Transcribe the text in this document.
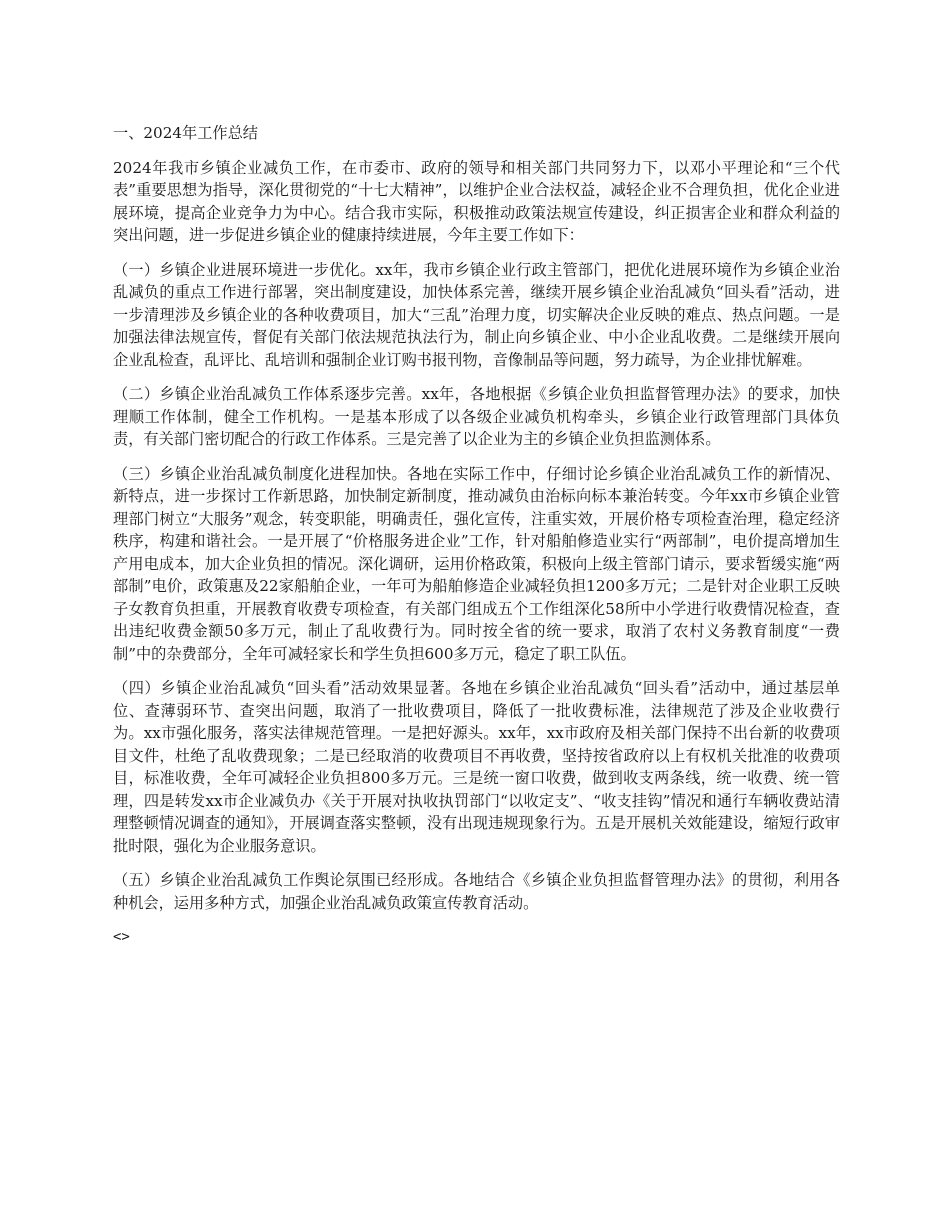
一、2024年工作总结

2024年我市乡镇企业减负工作，在市委市、政府的领导和相关部门共同努力下，以邓小平理论和“三个代表”重要思想为指导，深化贯彻党的“十七大精神”，以维护企业合法权益，减轻企业不合理负担，优化企业进展环境，提高企业竞争力为中心。结合我市实际，积极推动政策法规宣传建设，纠正损害企业和群众利益的突出问题，进一步促进乡镇企业的健康持续进展，今年主要工作如下：

（一）乡镇企业进展环境进一步优化。xx年，我市乡镇企业行政主管部门，把优化进展环境作为乡镇企业治乱减负的重点工作进行部署，突出制度建设，加快体系完善，继续开展乡镇企业治乱减负“回头看”活动，进一步清理涉及乡镇企业的各种收费项目，加大“三乱”治理力度，切实解决企业反映的难点、热点问题。一是加强法律法规宣传，督促有关部门依法规范执法行为，制止向乡镇企业、中小企业乱收费。二是继续开展向企业乱检查，乱评比、乱培训和强制企业订购书报刊物，音像制品等问题，努力疏导，为企业排忧解难。

（二）乡镇企业治乱减负工作体系逐步完善。xx年，各地根据《乡镇企业负担监督管理办法》的要求，加快理顺工作体制，健全工作机构。一是基本形成了以各级企业减负机构牵头，乡镇企业行政管理部门具体负责，有关部门密切配合的行政工作体系。三是完善了以企业为主的乡镇企业负担监测体系。

（三）乡镇企业治乱减负制度化进程加快。各地在实际工作中，仔细讨论乡镇企业治乱减负工作的新情况、新特点，进一步探讨工作新思路，加快制定新制度，推动减负由治标向标本兼治转变。今年xx市乡镇企业管理部门树立“大服务”观念，转变职能，明确责任，强化宣传，注重实效，开展价格专项检查治理，稳定经济秩序，构建和谐社会。一是开展了“价格服务进企业”工作，针对船舶修造业实行“两部制”，电价提高增加生产用电成本，加大企业负担的情况。深化调研，运用价格政策，积极向上级主管部门请示，要求暂缓实施“两部制”电价，政策惠及22家船舶企业，一年可为船舶修造企业减轻负担1200多万元；二是针对企业职工反映子女教育负担重，开展教育收费专项检查，有关部门组成五个工作组深化58所中小学进行收费情况检查，查出违纪收费金额50多万元，制止了乱收费行为。同时按全省的统一要求，取消了农村义务教育制度“一费制”中的杂费部分，全年可减轻家长和学生负担600多万元，稳定了职工队伍。

（四）乡镇企业治乱减负“回头看”活动效果显著。各地在乡镇企业治乱减负“回头看”活动中，通过基层单位、查薄弱环节、查突出问题，取消了一批收费项目，降低了一批收费标准，法律规范了涉及企业收费行为。xx市强化服务，落实法律规范管理。一是把好源头。xx年，xx市政府及相关部门保持不出台新的收费项目文件，杜绝了乱收费现象；二是已经取消的收费项目不再收费，坚持按省政府以上有权机关批准的收费项目，标准收费，全年可减轻企业负担800多万元。三是统一窗口收费，做到收支两条线，统一收费、统一管理，四是转发xx市企业减负办《关于开展对执收执罚部门“以收定支”、“收支挂钩”情况和通行车辆收费站清理整顿情况调查的通知》，开展调查落实整顿，没有出现违规现象行为。五是开展机关效能建设，缩短行政审批时限，强化为企业服务意识。

（五）乡镇企业治乱减负工作舆论氛围已经形成。各地结合《乡镇企业负担监督管理办法》的贯彻，利用各种机会，运用多种方式，加强企业治乱减负政策宣传教育活动。

<>
